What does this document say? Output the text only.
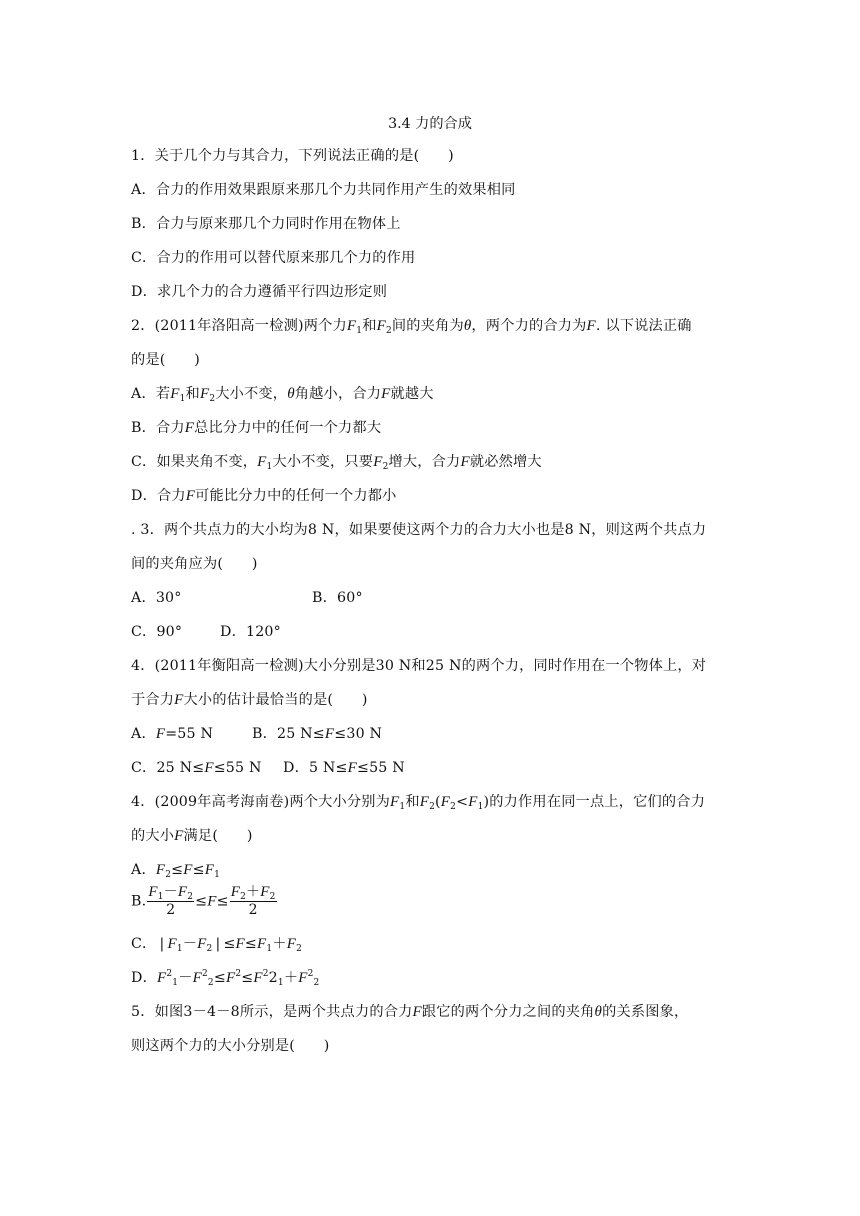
3.4 力的合成
1．关于几个力与其合力，下列说法正确的是(　　)
A．合力的作用效果跟原来那几个力共同作用产生的效果相同
B．合力与原来那几个力同时作用在物体上
C．合力的作用可以替代原来那几个力的作用
D．求几个力的合力遵循平行四边形定则
2．(2011年洛阳高一检测)两个力$F_1$和$F_2$间的夹角为θ，两个力的合力为F. 以下说法正确
的是(　　)
A．若$F_1$和$F_2$大小不变，θ角越小，合力F就越大
B．合力F总比分力中的任何一个力都大
C．如果夹角不变，$F_1$大小不变，只要$F_2$增大，合力F就必然增大
D．合力F可能比分力中的任何一个力都小
. 3．两个共点力的大小均为8 N，如果要使这两个力的合力大小也是8 N，则这两个共点力
间的夹角应为(　　)
A．30°	B．60°
C．90°	D．120°
4．(2011年衡阳高一检测)大小分别是30 N和25 N的两个力，同时作用在一个物体上，对
于合力F大小的估计最恰当的是(　　)
A．F=55 N	B．25 N≤F≤30 N
C．25 N≤F≤55 N D．5 N≤F≤55 N
4．(2009年高考海南卷)两个大小分别为$F_1$和$F_2(F_2<F_1)$的力作用在同一点上，它们的合力
的大小F满足(　　)
A．$F_2\le F\le F_1$
B. $\frac{F_1-F_2}{2} \le F\le \frac{F_2+F_2}{2}$
C． | $F_1-F_2$ | $\le F\le F_1+F_2$
D．$F^2_1-F^2_2\le F^2\le F^22_1+F^2_2$
5．如图3－4－8所示，是两个共点力的合力F跟它的两个分力之间的夹角θ的关系图象，
则这两个力的大小分别是(　　)
